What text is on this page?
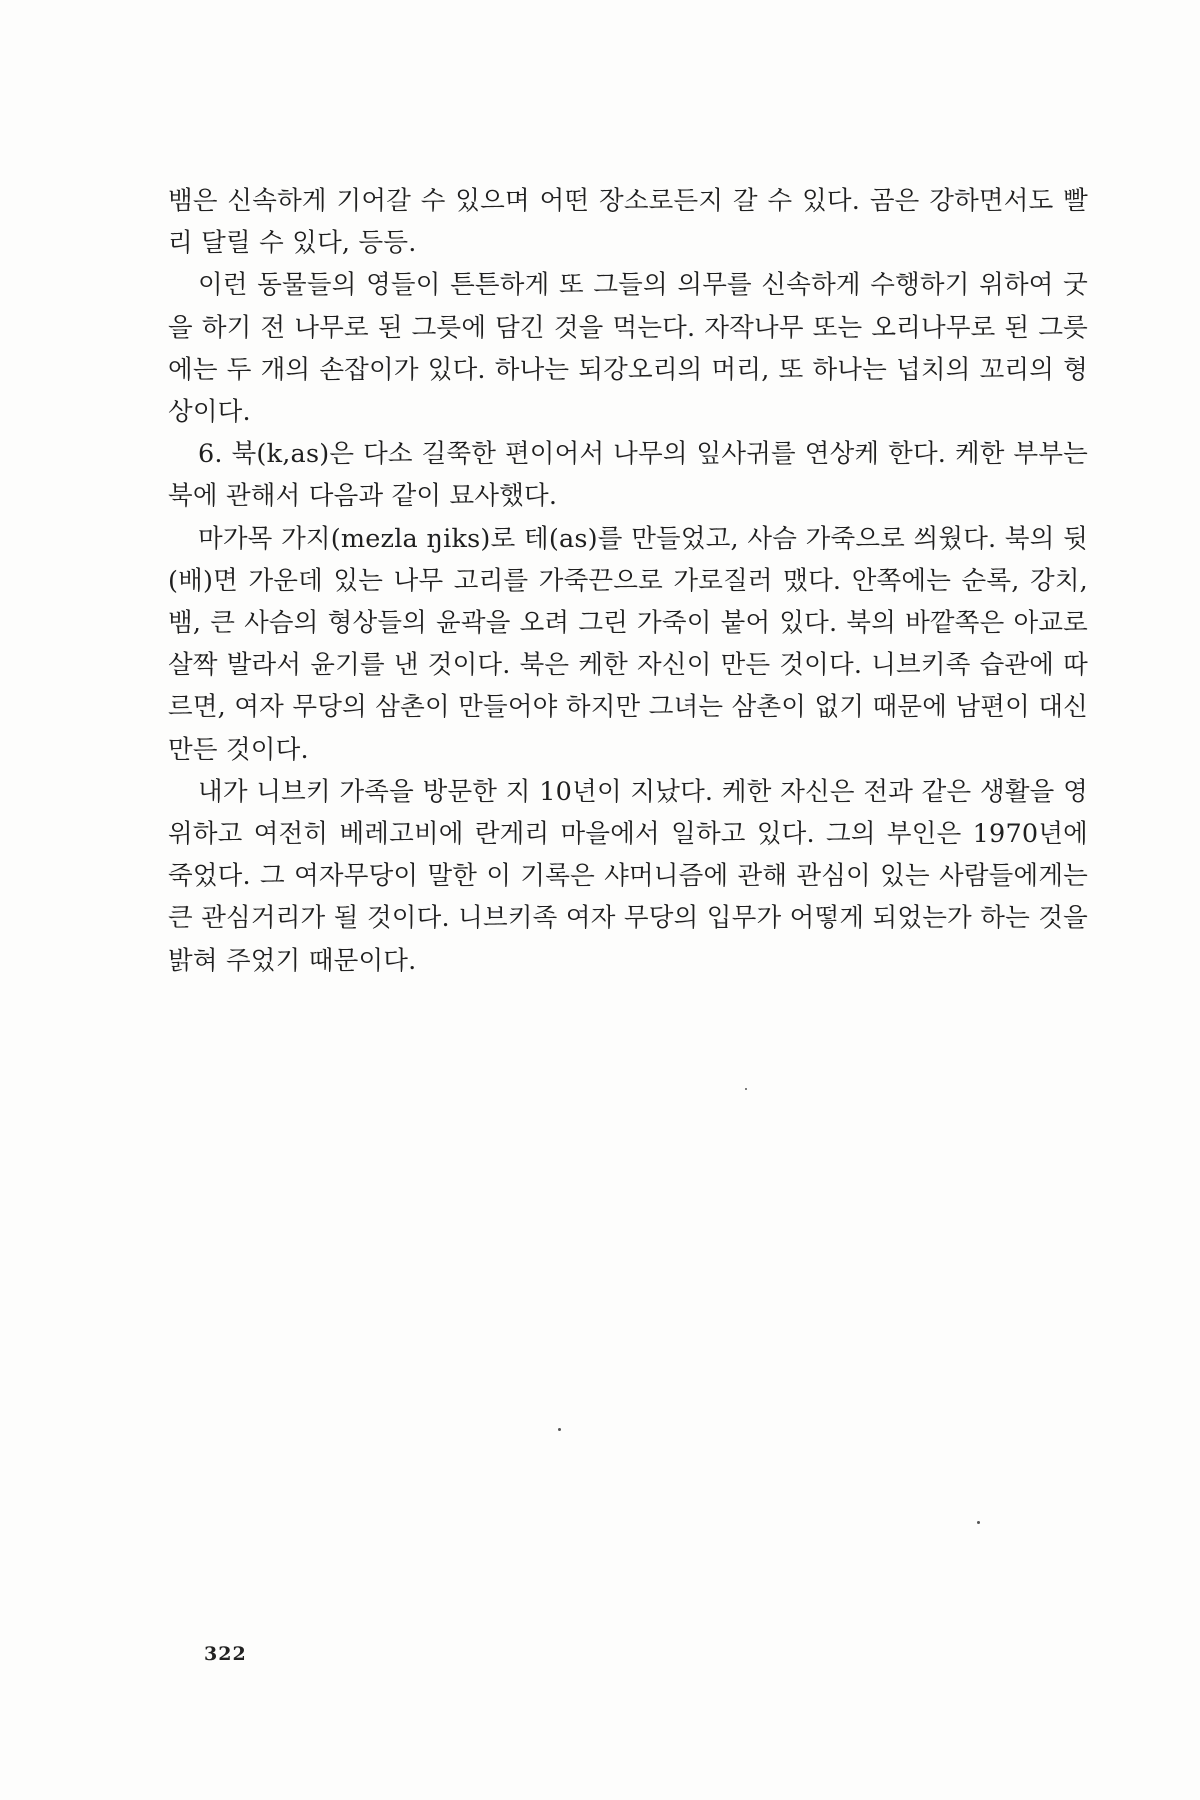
뱀은 신속하게 기어갈 수 있으며 어떤 장소로든지 갈 수 있다. 곰은 강하면서도 빨리 달릴 수 있다, 등등.

이런 동물들의 영들이 튼튼하게 또 그들의 의무를 신속하게 수행하기 위하여 굿을 하기 전 나무로 된 그릇에 담긴 것을 먹는다. 자작나무 또는 오리나무로 된 그릇에는 두 개의 손잡이가 있다. 하나는 되강오리의 머리, 또 하나는 넙치의 꼬리의 형상이다.

6. 북(k,as)은 다소 길쭉한 편이어서 나무의 잎사귀를 연상케 한다. 케한 부부는 북에 관해서 다음과 같이 묘사했다.

마가목 가지(mezla ŋiks)로 테(as)를 만들었고, 사슴 가죽으로 씌웠다. 북의 뒷(배)면 가운데 있는 나무 고리를 가죽끈으로 가로질러 맸다. 안쪽에는 순록, 강치, 뱀, 큰 사슴의 형상들의 윤곽을 오려 그린 가죽이 붙어 있다. 북의 바깥쪽은 아교로 살짝 발라서 윤기를 낸 것이다. 북은 케한 자신이 만든 것이다. 니브키족 습관에 따르면, 여자 무당의 삼촌이 만들어야 하지만 그녀는 삼촌이 없기 때문에 남편이 대신 만든 것이다.

내가 니브키 가족을 방문한 지 10년이 지났다. 케한 자신은 전과 같은 생활을 영위하고 여전히 베레고비에 란게리 마을에서 일하고 있다. 그의 부인은 1970년에 죽었다. 그 여자무당이 말한 이 기록은 샤머니즘에 관해 관심이 있는 사람들에게는 큰 관심거리가 될 것이다. 니브키족 여자 무당의 입무가 어떻게 되었는가 하는 것을 밝혀 주었기 때문이다.

322
